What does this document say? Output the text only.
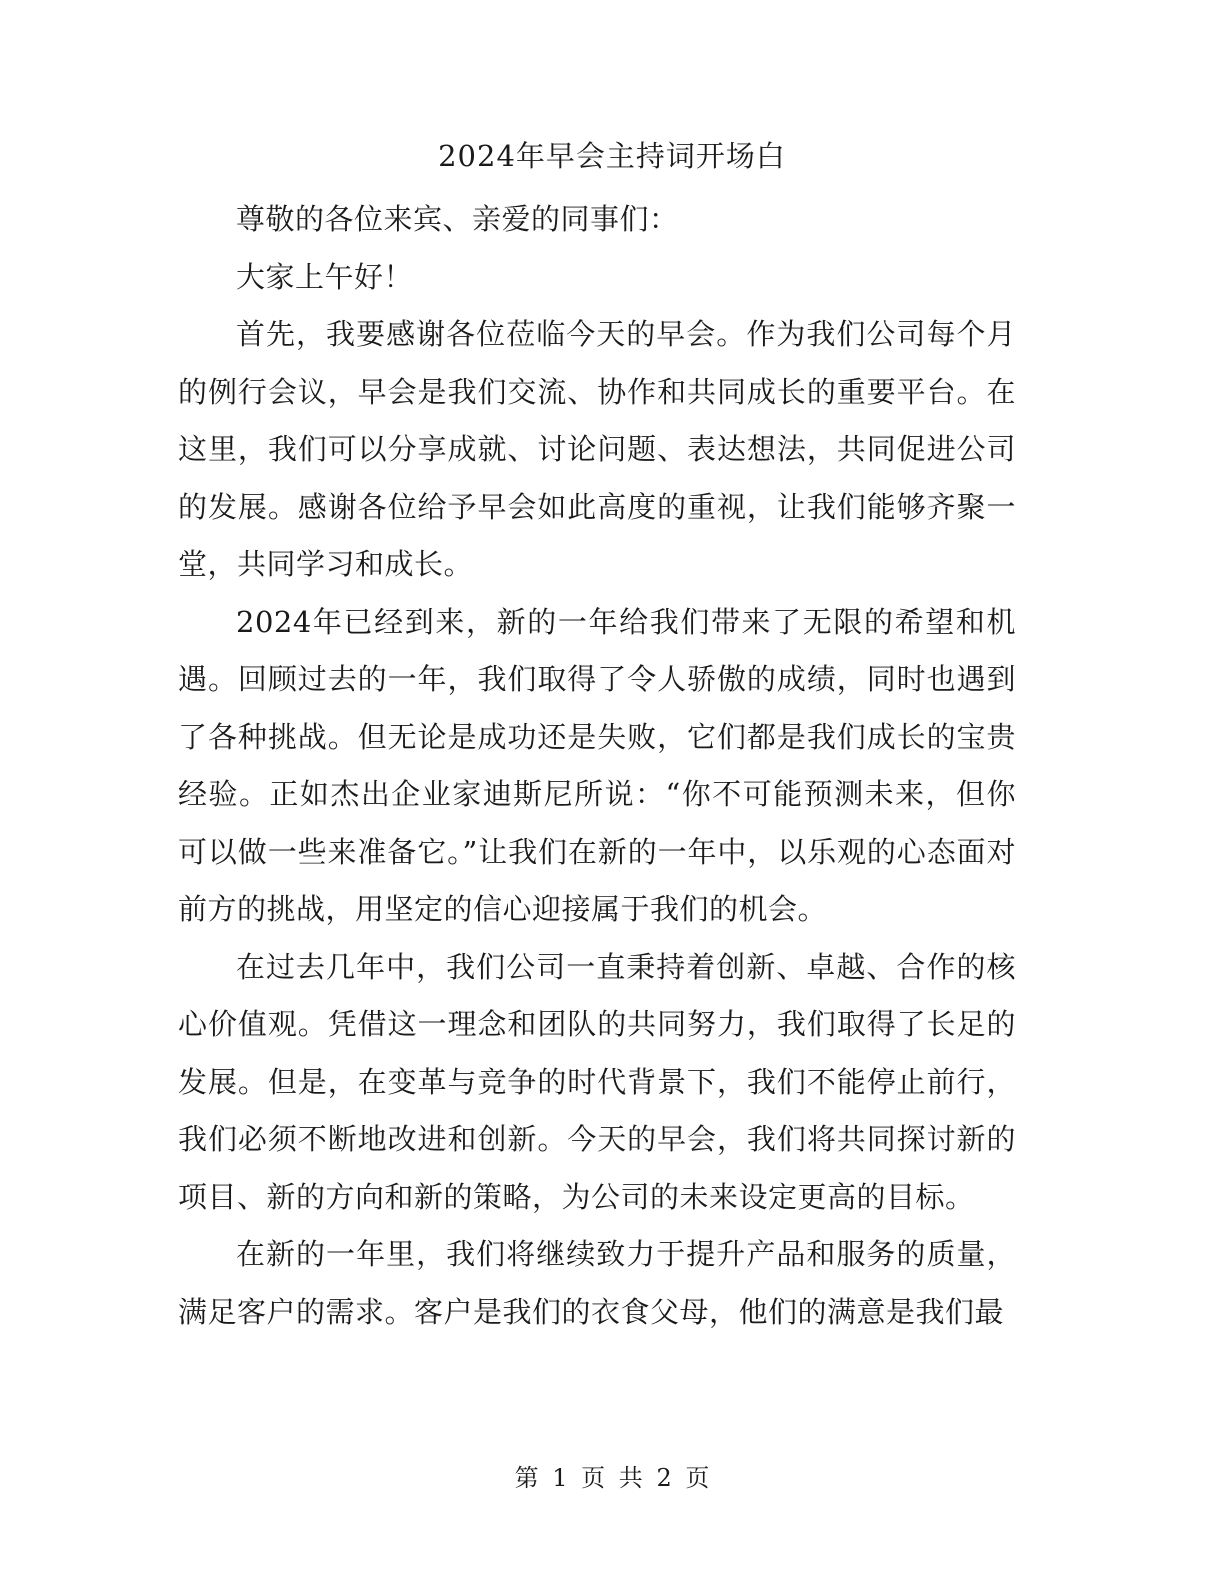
2024年早会主持词开场白

尊敬的各位来宾、亲爱的同事们：

大家上午好！

首先，我要感谢各位莅临今天的早会。作为我们公司每个月的例行会议，早会是我们交流、协作和共同成长的重要平台。在这里，我们可以分享成就、讨论问题、表达想法，共同促进公司的发展。感谢各位给予早会如此高度的重视，让我们能够齐聚一堂，共同学习和成长。

2024年已经到来，新的一年给我们带来了无限的希望和机遇。回顾过去的一年，我们取得了令人骄傲的成绩，同时也遇到了各种挑战。但无论是成功还是失败，它们都是我们成长的宝贵经验。正如杰出企业家迪斯尼所说：“你不可能预测未来，但你可以做一些来准备它。”让我们在新的一年中，以乐观的心态面对前方的挑战，用坚定的信心迎接属于我们的机会。

在过去几年中，我们公司一直秉持着创新、卓越、合作的核心价值观。凭借这一理念和团队的共同努力，我们取得了长足的发展。但是，在变革与竞争的时代背景下，我们不能停止前行，我们必须不断地改进和创新。今天的早会，我们将共同探讨新的项目、新的方向和新的策略，为公司的未来设定更高的目标。

在新的一年里，我们将继续致力于提升产品和服务的质量，满足客户的需求。客户是我们的衣食父母，他们的满意是我们最

第 1 页 共 2 页
